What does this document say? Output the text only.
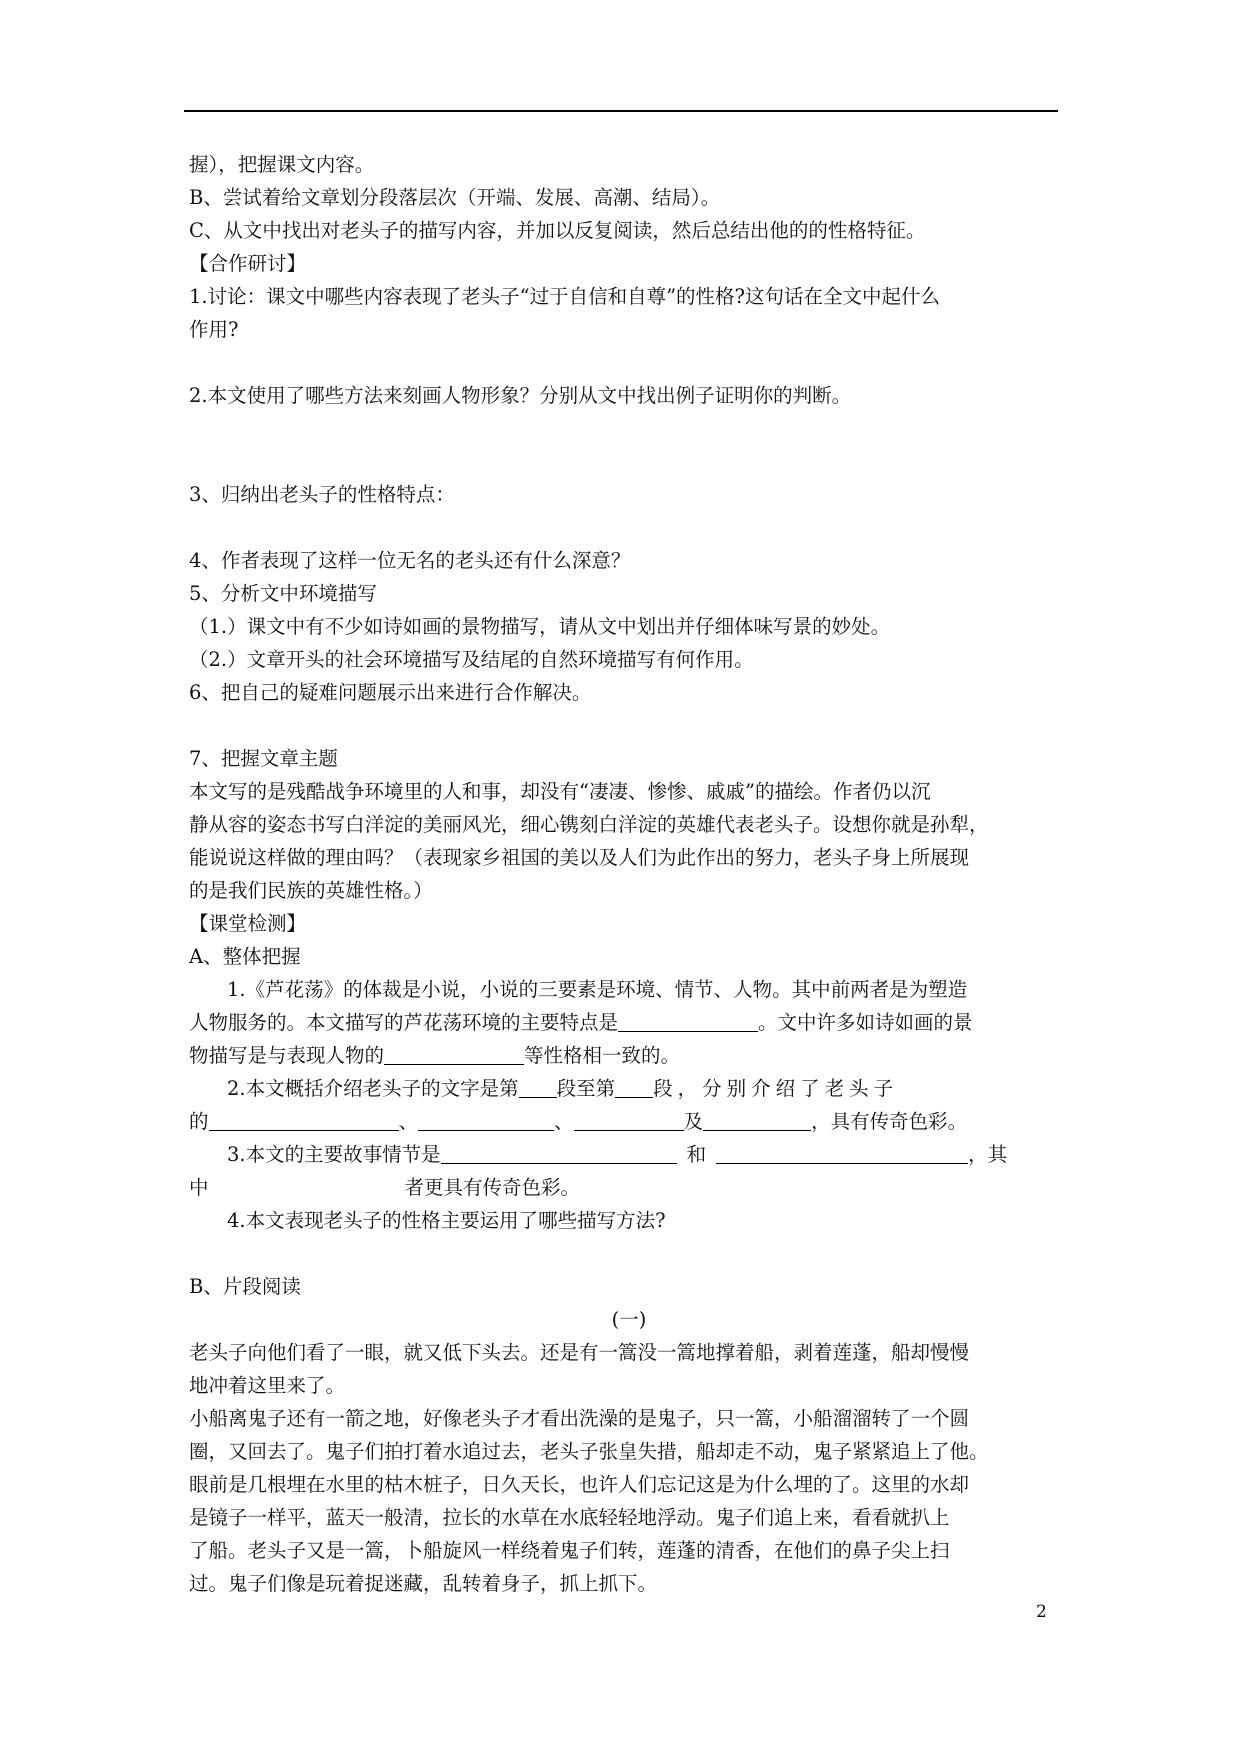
握），把握课文内容。
B、尝试着给文章划分段落层次（开端、发展、高潮、结局）。
C、从文中找出对老头子的描写内容，并加以反复阅读，然后总结出他的的性格特征。
【合作研讨】
1.讨论：课文中哪些内容表现了老头子“过于自信和自尊”的性格?这句话在全文中起什么
作用?
2.本文使用了哪些方法来刻画人物形象？分别从文中找出例子证明你的判断。
3、归纳出老头子的性格特点：
4、作者表现了这样一位无名的老头还有什么深意？
5、分析文中环境描写
（1.）课文中有不少如诗如画的景物描写，请从文中划出并仔细体味写景的妙处。
（2.）文章开头的社会环境描写及结尾的自然环境描写有何作用。
6、把自己的疑难问题展示出来进行合作解决。
7、把握文章主题
本文写的是残酷战争环境里的人和事，却没有“凄凄、惨惨、戚戚”的描绘。作者仍以沉
静从容的姿态书写白洋淀的美丽风光，细心镌刻白洋淀的英雄代表老头子。设想你就是孙犁，
能说说这样做的理由吗？（表现家乡祖国的美以及人们为此作出的努力，老头子身上所展现
的是我们民族的英雄性格。）
【课堂检测】
A、整体把握
1.《芦花荡》的体裁是小说，小说的三要素是环境、情节、人物。其中前两者是为塑造
人物服务的。本文描写的芦花荡环境的主要特点是	。文中许多如诗如画的景
物描写是与表现人物的	等性格相一致的。
2.本文概括介绍老头子的文字是第 段至第 段，分别介绍了老头子
的	、	、	及	，具有传奇色彩。
3.本文的主要故事情节是	和	，其
中	者更具有传奇色彩。
4.本文表现老头子的性格主要运用了哪些描写方法?
B、片段阅读
(一)
老头子向他们看了一眼，就又低下头去。还是有一篙没一篙地撑着船，剥着莲蓬，船却慢慢
地冲着这里来了。
小船离鬼子还有一箭之地，好像老头子才看出洗澡的是鬼子，只一篙，小船溜溜转了一个圆
圈，又回去了。鬼子们拍打着水追过去，老头子张皇失措，船却走不动，鬼子紧紧追上了他。
眼前是几根埋在水里的枯木桩子，日久天长，也许人们忘记这是为什么埋的了。这里的水却
是镜子一样平，蓝天一般清，拉长的水草在水底轻轻地浮动。鬼子们追上来，看看就扒上
了船。老头子又是一篙，卜船旋风一样绕着鬼子们转，莲蓬的清香，在他们的鼻子尖上扫
过。鬼子们像是玩着捉迷藏，乱转着身子，抓上抓下。
2
